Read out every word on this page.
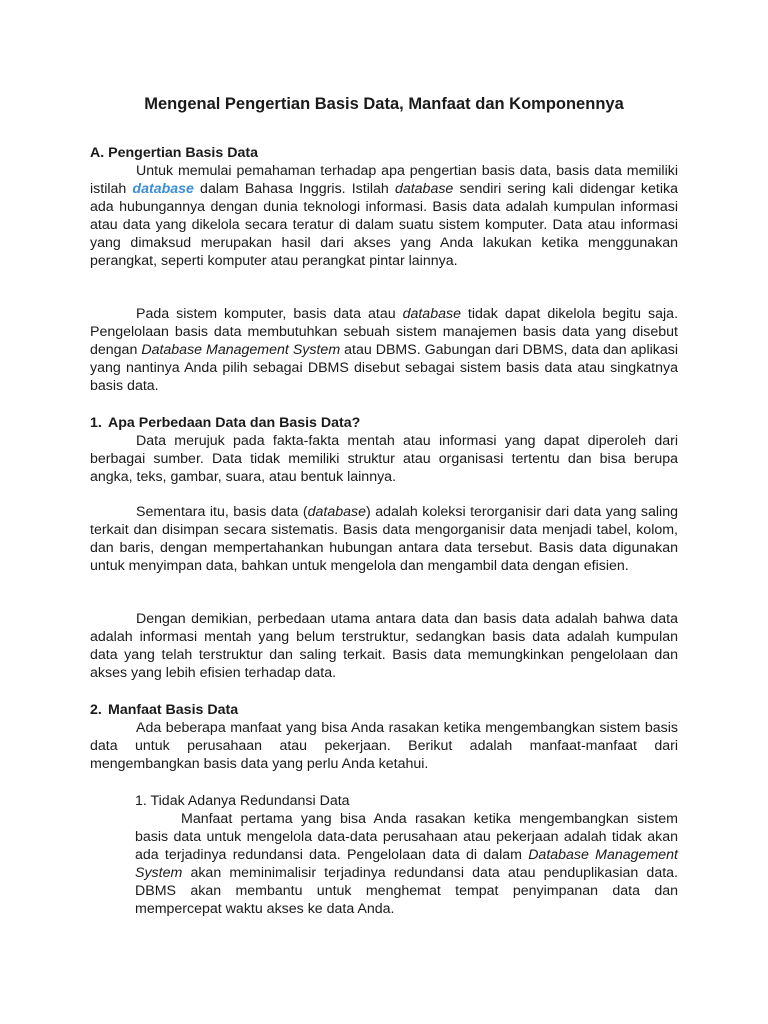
Mengenal Pengertian Basis Data, Manfaat dan Komponennya
A. Pengertian Basis Data

Untuk memulai pemahaman terhadap apa pengertian basis data, basis data memiliki istilah database dalam Bahasa Inggris. Istilah database sendiri sering kali didengar ketika ada hubungannya dengan dunia teknologi informasi. Basis data adalah kumpulan informasi atau data yang dikelola secara teratur di dalam suatu sistem komputer. Data atau informasi yang dimaksud merupakan hasil dari akses yang Anda lakukan ketika menggunakan perangkat, seperti komputer atau perangkat pintar lainnya.

Pada sistem komputer, basis data atau database tidak dapat dikelola begitu saja. Pengelolaan basis data membutuhkan sebuah sistem manajemen basis data yang disebut dengan Database Management System atau DBMS. Gabungan dari DBMS, data dan aplikasi yang nantinya Anda pilih sebagai DBMS disebut sebagai sistem basis data atau singkatnya basis data.

1. Apa Perbedaan Data dan Basis Data?

Data merujuk pada fakta-fakta mentah atau informasi yang dapat diperoleh dari berbagai sumber. Data tidak memiliki struktur atau organisasi tertentu dan bisa berupa angka, teks, gambar, suara, atau bentuk lainnya.

Sementara itu, basis data (database) adalah koleksi terorganisir dari data yang saling terkait dan disimpan secara sistematis. Basis data mengorganisir data menjadi tabel, kolom, dan baris, dengan mempertahankan hubungan antara data tersebut. Basis data digunakan untuk menyimpan data, bahkan untuk mengelola dan mengambil data dengan efisien.

Dengan demikian, perbedaan utama antara data dan basis data adalah bahwa data adalah informasi mentah yang belum terstruktur, sedangkan basis data adalah kumpulan data yang telah terstruktur dan saling terkait. Basis data memungkinkan pengelolaan dan akses yang lebih efisien terhadap data.

2. Manfaat Basis Data

Ada beberapa manfaat yang bisa Anda rasakan ketika mengembangkan sistem basis data untuk perusahaan atau pekerjaan. Berikut adalah manfaat-manfaat dari mengembangkan basis data yang perlu Anda ketahui.

1. Tidak Adanya Redundansi Data

Manfaat pertama yang bisa Anda rasakan ketika mengembangkan sistem basis data untuk mengelola data-data perusahaan atau pekerjaan adalah tidak akan ada terjadinya redundansi data. Pengelolaan data di dalam Database Management System akan meminimalisir terjadinya redundansi data atau penduplikasian data. DBMS akan membantu untuk menghemat tempat penyimpanan data dan mempercepat waktu akses ke data Anda.
